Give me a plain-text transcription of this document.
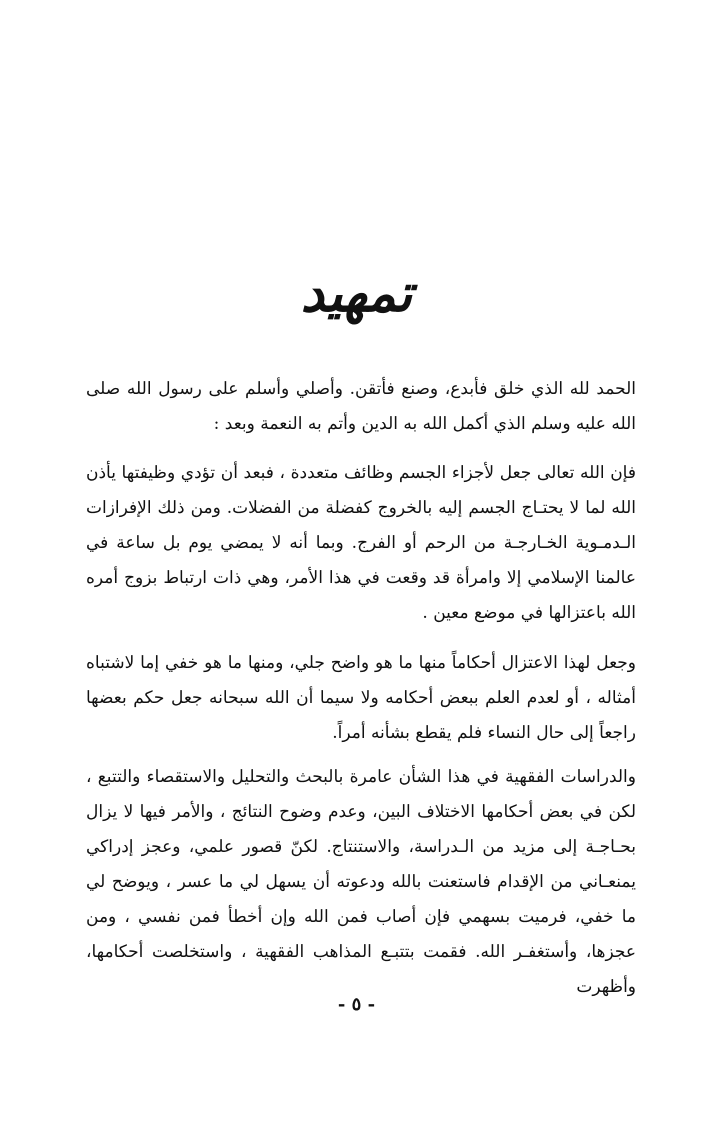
تمهيد

الحمد لله الذي خلق فأبدع، وصنع فأتقن. وأصلي وأسلم على رسول الله صلى الله عليه وسلم الذي أكمل الله به الدين وأتم به النعمة وبعد :

فإن الله تعالى جعل لأجزاء الجسم وظائف متعددة ، فبعد أن تؤدي وظيفتها يأذن الله لما لا يحتـاج الجسم إليه بالخروج كفضلة من الفضلات. ومن ذلك الإفرازات الـدمـوية الخـارجـة من الرحم أو الفرج. وبما أنه لا يمضي يوم بل ساعة في عالمنا الإسلامي إلا وامرأة قد وقعت في هذا الأمر، وهي ذات ارتباط بزوج أمره الله باعتزالها في موضع معين .

وجعل لهذا الاعتزال أحكاماً منها ما هو واضح جلي، ومنها ما هو خفي إما لاشتباه أمثاله ، أو لعدم العلم ببعض أحكامه ولا سيما أن الله سبحانه جعل حكم بعضها راجعاً إلى حال النساء فلم يقطع بشأنه أمراً.

والدراسات الفقهية في هذا الشأن عامرة بالبحث والتحليل والاستقصاء والتتبع ، لكن في بعض أحكامها الاختلاف البين، وعدم وضوح النتائج ، والأمر فيها لا يزال بحـاجـة إلى مزيد من الـدراسة، والاستنتاج. لكنّ قصور علمي، وعجز إدراكي يمنعـاني من الإقدام فاستعنت بالله ودعوته أن يسهل لي ما عسر ، ويوضح لي ما خفي، فرميت بسهمي فإن أصاب فمن الله وإن أخطأ فمن نفسي ، ومن عجزها، وأستغفـر الله. فقمت بتتبـع المذاهب الفقهية ، واستخلصت أحكامها، وأظهرت

- ٥ -
